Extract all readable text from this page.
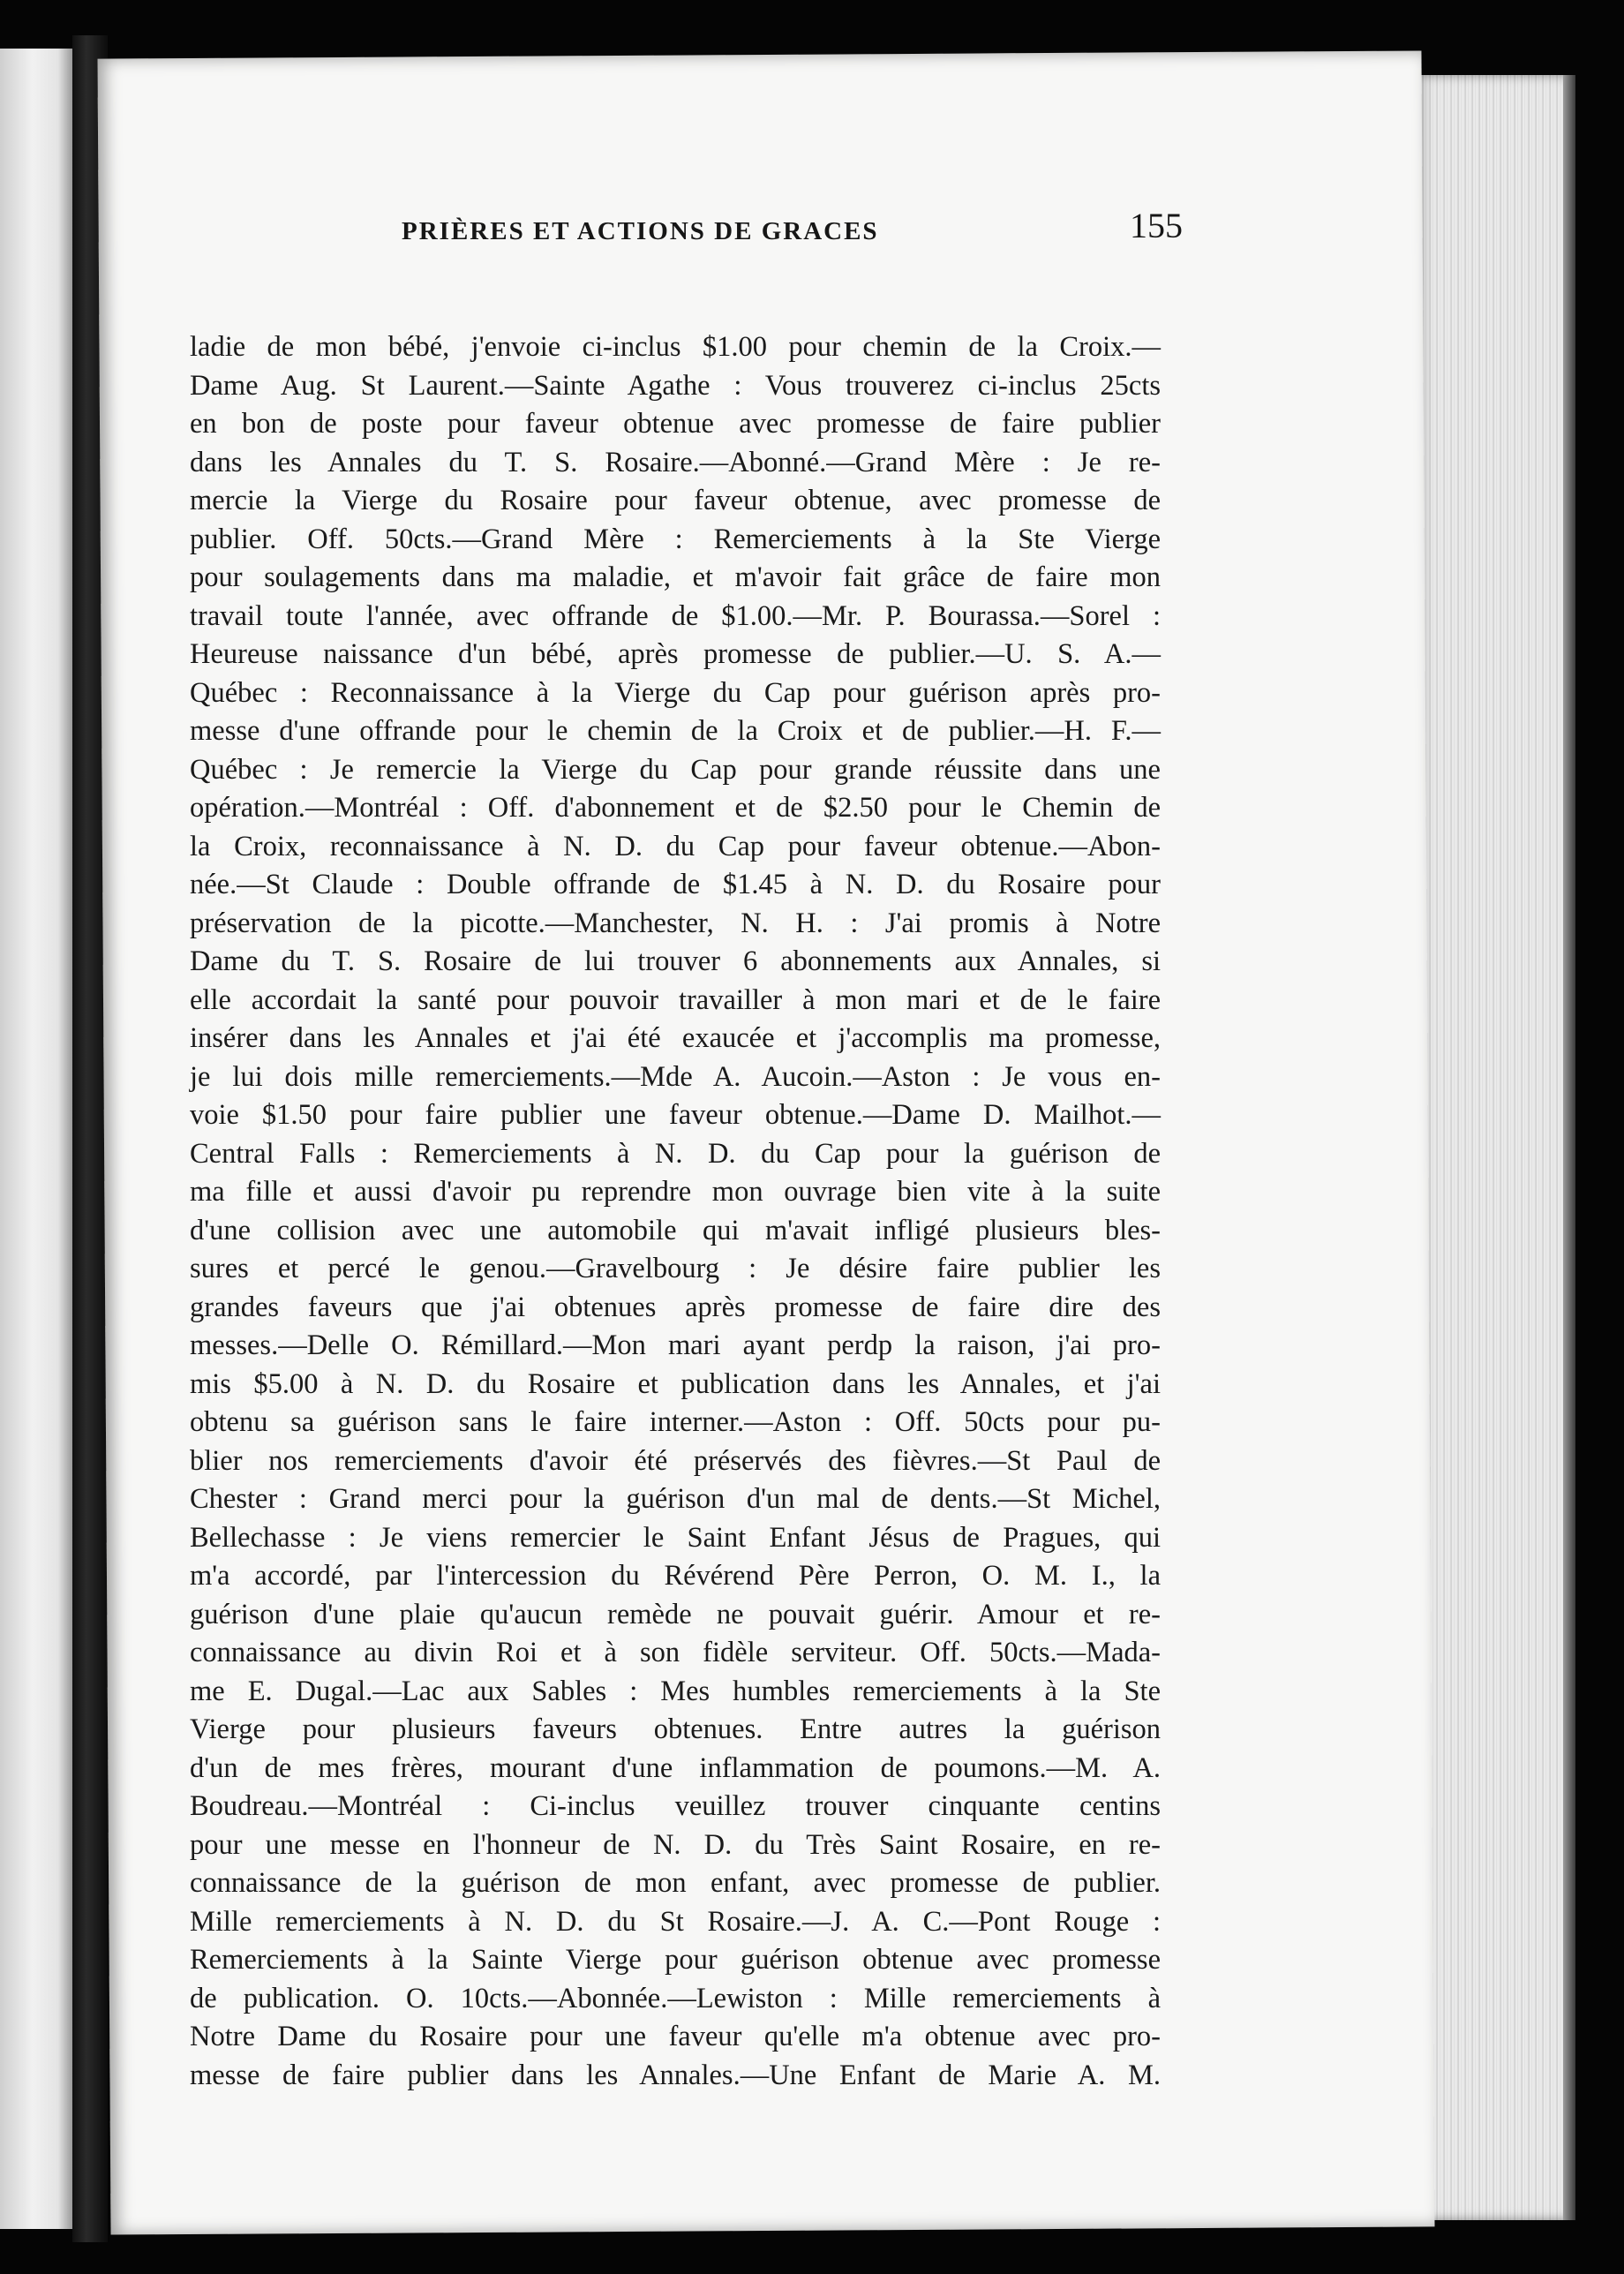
PRIÈRES ET ACTIONS DE GRACES	155
ladie de mon bébé, j'envoie ci-inclus $1.00 pour chemin de la Croix.—
Dame Aug. St Laurent.—Sainte Agathe : Vous trouverez ci-inclus 25cts
en bon de poste pour faveur obtenue avec promesse de faire publier
dans les Annales du T. S. Rosaire.—Abonné.—Grand Mère : Je re-
mercie la Vierge du Rosaire pour faveur obtenue, avec promesse de
publier. Off. 50cts.—Grand Mère : Remerciements à la Ste Vierge
pour soulagements dans ma maladie, et m'avoir fait grâce de faire mon
travail toute l'année, avec offrande de $1.00.—Mr. P. Bourassa.—Sorel :
Heureuse naissance d'un bébé, après promesse de publier.—U. S. A.—
Québec : Reconnaissance à la Vierge du Cap pour guérison après pro-
messe d'une offrande pour le chemin de la Croix et de publier.—H. F.—
Québec : Je remercie la Vierge du Cap pour grande réussite dans une
opération.—Montréal : Off. d'abonnement et de $2.50 pour le Chemin de
la Croix, reconnaissance à N. D. du Cap pour faveur obtenue.—Abon-
née.—St Claude : Double offrande de $1.45 à N. D. du Rosaire pour
préservation de la picotte.—Manchester, N. H. : J'ai promis à Notre
Dame du T. S. Rosaire de lui trouver 6 abonnements aux Annales, si
elle accordait la santé pour pouvoir travailler à mon mari et de le faire
insérer dans les Annales et j'ai été exaucée et j'accomplis ma promesse,
je lui dois mille remerciements.—Mde A. Aucoin.—Aston : Je vous en-
voie $1.50 pour faire publier une faveur obtenue.—Dame D. Mailhot.—
Central Falls : Remerciements à N. D. du Cap pour la guérison de
ma fille et aussi d'avoir pu reprendre mon ouvrage bien vite à la suite
d'une collision avec une automobile qui m'avait infligé plusieurs bles-
sures et percé le genou.—Gravelbourg : Je désire faire publier les
grandes faveurs que j'ai obtenues après promesse de faire dire des
messes.—Delle O. Rémillard.—Mon mari ayant perdp la raison, j'ai pro-
mis $5.00 à N. D. du Rosaire et publication dans les Annales, et j'ai
obtenu sa guérison sans le faire interner.—Aston : Off. 50cts pour pu-
blier nos remerciements d'avoir été préservés des fièvres.—St Paul de
Chester : Grand merci pour la guérison d'un mal de dents.—St Michel,
Bellechasse : Je viens remercier le Saint Enfant Jésus de Pragues, qui
m'a accordé, par l'intercession du Révérend Père Perron, O. M. I., la
guérison d'une plaie qu'aucun remède ne pouvait guérir. Amour et re-
connaissance au divin Roi et à son fidèle serviteur. Off. 50cts.—Mada-
me E. Dugal.—Lac aux Sables : Mes humbles remerciements à la Ste
Vierge pour plusieurs faveurs obtenues. Entre autres la guérison
d'un de mes frères, mourant d'une inflammation de poumons.—M. A.
Boudreau.—Montréal : Ci-inclus veuillez trouver cinquante centins
pour une messe en l'honneur de N. D. du Très Saint Rosaire, en re-
connaissance de la guérison de mon enfant, avec promesse de publier.
Mille remerciements à N. D. du St Rosaire.—J. A. C.—Pont Rouge :
Remerciements à la Sainte Vierge pour guérison obtenue avec promesse
de publication. O. 10cts.—Abonnée.—Lewiston : Mille remerciements à
Notre Dame du Rosaire pour une faveur qu'elle m'a obtenue avec pro-
messe de faire publier dans les Annales.—Une Enfant de Marie A. M.
